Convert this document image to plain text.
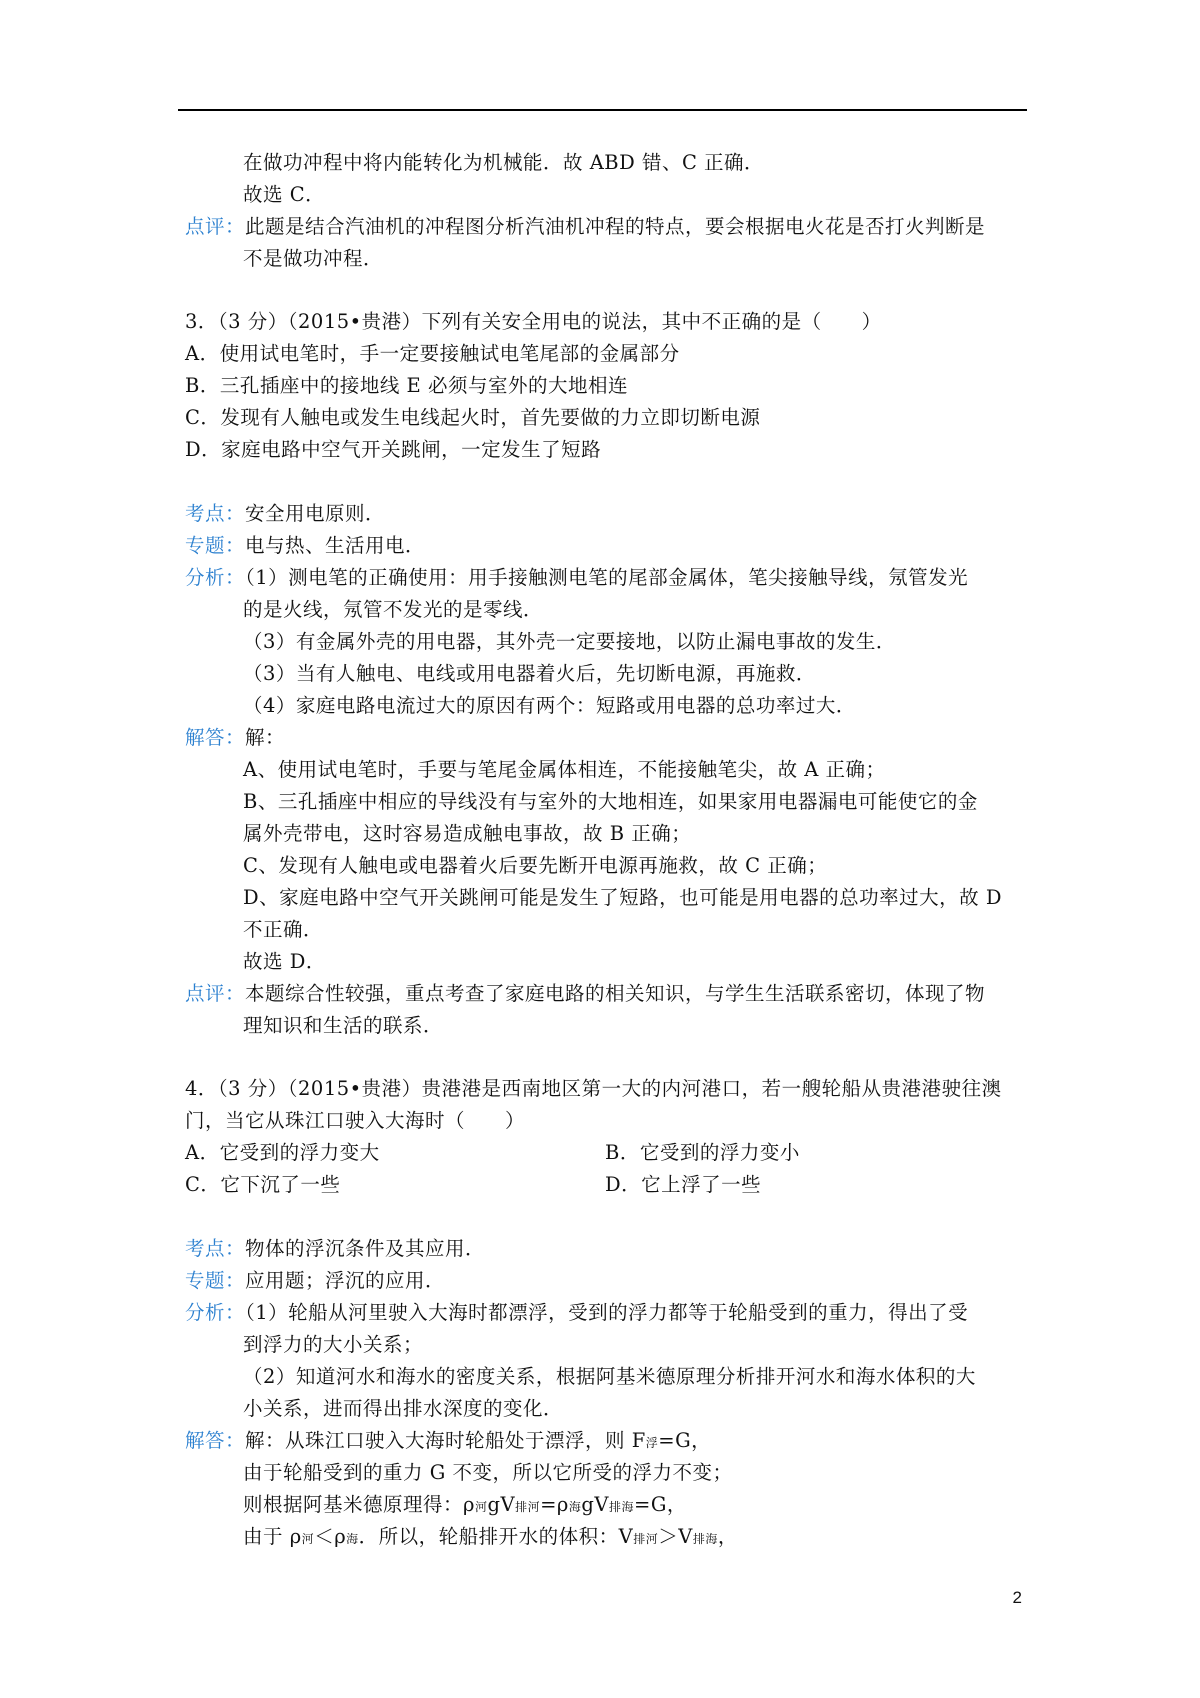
在做功冲程中将内能转化为机械能．故 ABD 错、C 正确．
故选 C．
点评：此题是结合汽油机的冲程图分析汽油机冲程的特点，要会根据电火花是否打火判断是
不是做功冲程．
3．（3 分）（2015•贵港）下列有关安全用电的说法，其中不正确的是（　　）
A．使用试电笔时，手一定要接触试电笔尾部的金属部分
B．三孔插座中的接地线 E 必须与室外的大地相连
C．发现有人触电或发生电线起火时，首先要做的力立即切断电源
D．家庭电路中空气开关跳闸，一定发生了短路
考点：安全用电原则．
专题：电与热、生活用电．
分析：（1）测电笔的正确使用：用手接触测电笔的尾部金属体，笔尖接触导线，氖管发光
的是火线，氖管不发光的是零线．
（3）有金属外壳的用电器，其外壳一定要接地，以防止漏电事故的发生．
（3）当有人触电、电线或用电器着火后，先切断电源，再施救．
（4）家庭电路电流过大的原因有两个：短路或用电器的总功率过大．
解答：解：
A、使用试电笔时，手要与笔尾金属体相连，不能接触笔尖，故 A 正确；
B、三孔插座中相应的导线没有与室外的大地相连，如果家用电器漏电可能使它的金
属外壳带电，这时容易造成触电事故，故 B 正确；
C、发现有人触电或电器着火后要先断开电源再施救，故 C 正确；
D、家庭电路中空气开关跳闸可能是发生了短路，也可能是用电器的总功率过大，故 D
不正确．
故选 D．
点评：本题综合性较强，重点考查了家庭电路的相关知识，与学生生活联系密切，体现了物
理知识和生活的联系．
4．（3 分）（2015•贵港）贵港港是西南地区第一大的内河港口，若一艘轮船从贵港港驶往澳
门，当它从珠江口驶入大海时（　　）
A．它受到的浮力变大	B．它受到的浮力变小
C．它下沉了一些	D．它上浮了一些
考点：物体的浮沉条件及其应用．
专题：应用题；浮沉的应用．
分析：（1）轮船从河里驶入大海时都漂浮，受到的浮力都等于轮船受到的重力，得出了受
到浮力的大小关系；
（2）知道河水和海水的密度关系，根据阿基米德原理分析排开河水和海水体积的大
小关系，进而得出排水深度的变化．
解答：解：从珠江口驶入大海时轮船处于漂浮，则 F浮=G，
由于轮船受到的重力 G 不变，所以它所受的浮力不变；
则根据阿基米德原理得：ρ河gV排河=ρ海gV排海=G，
由于 ρ河＜ρ海．所以，轮船排开水的体积：V排河＞V排海，
2
